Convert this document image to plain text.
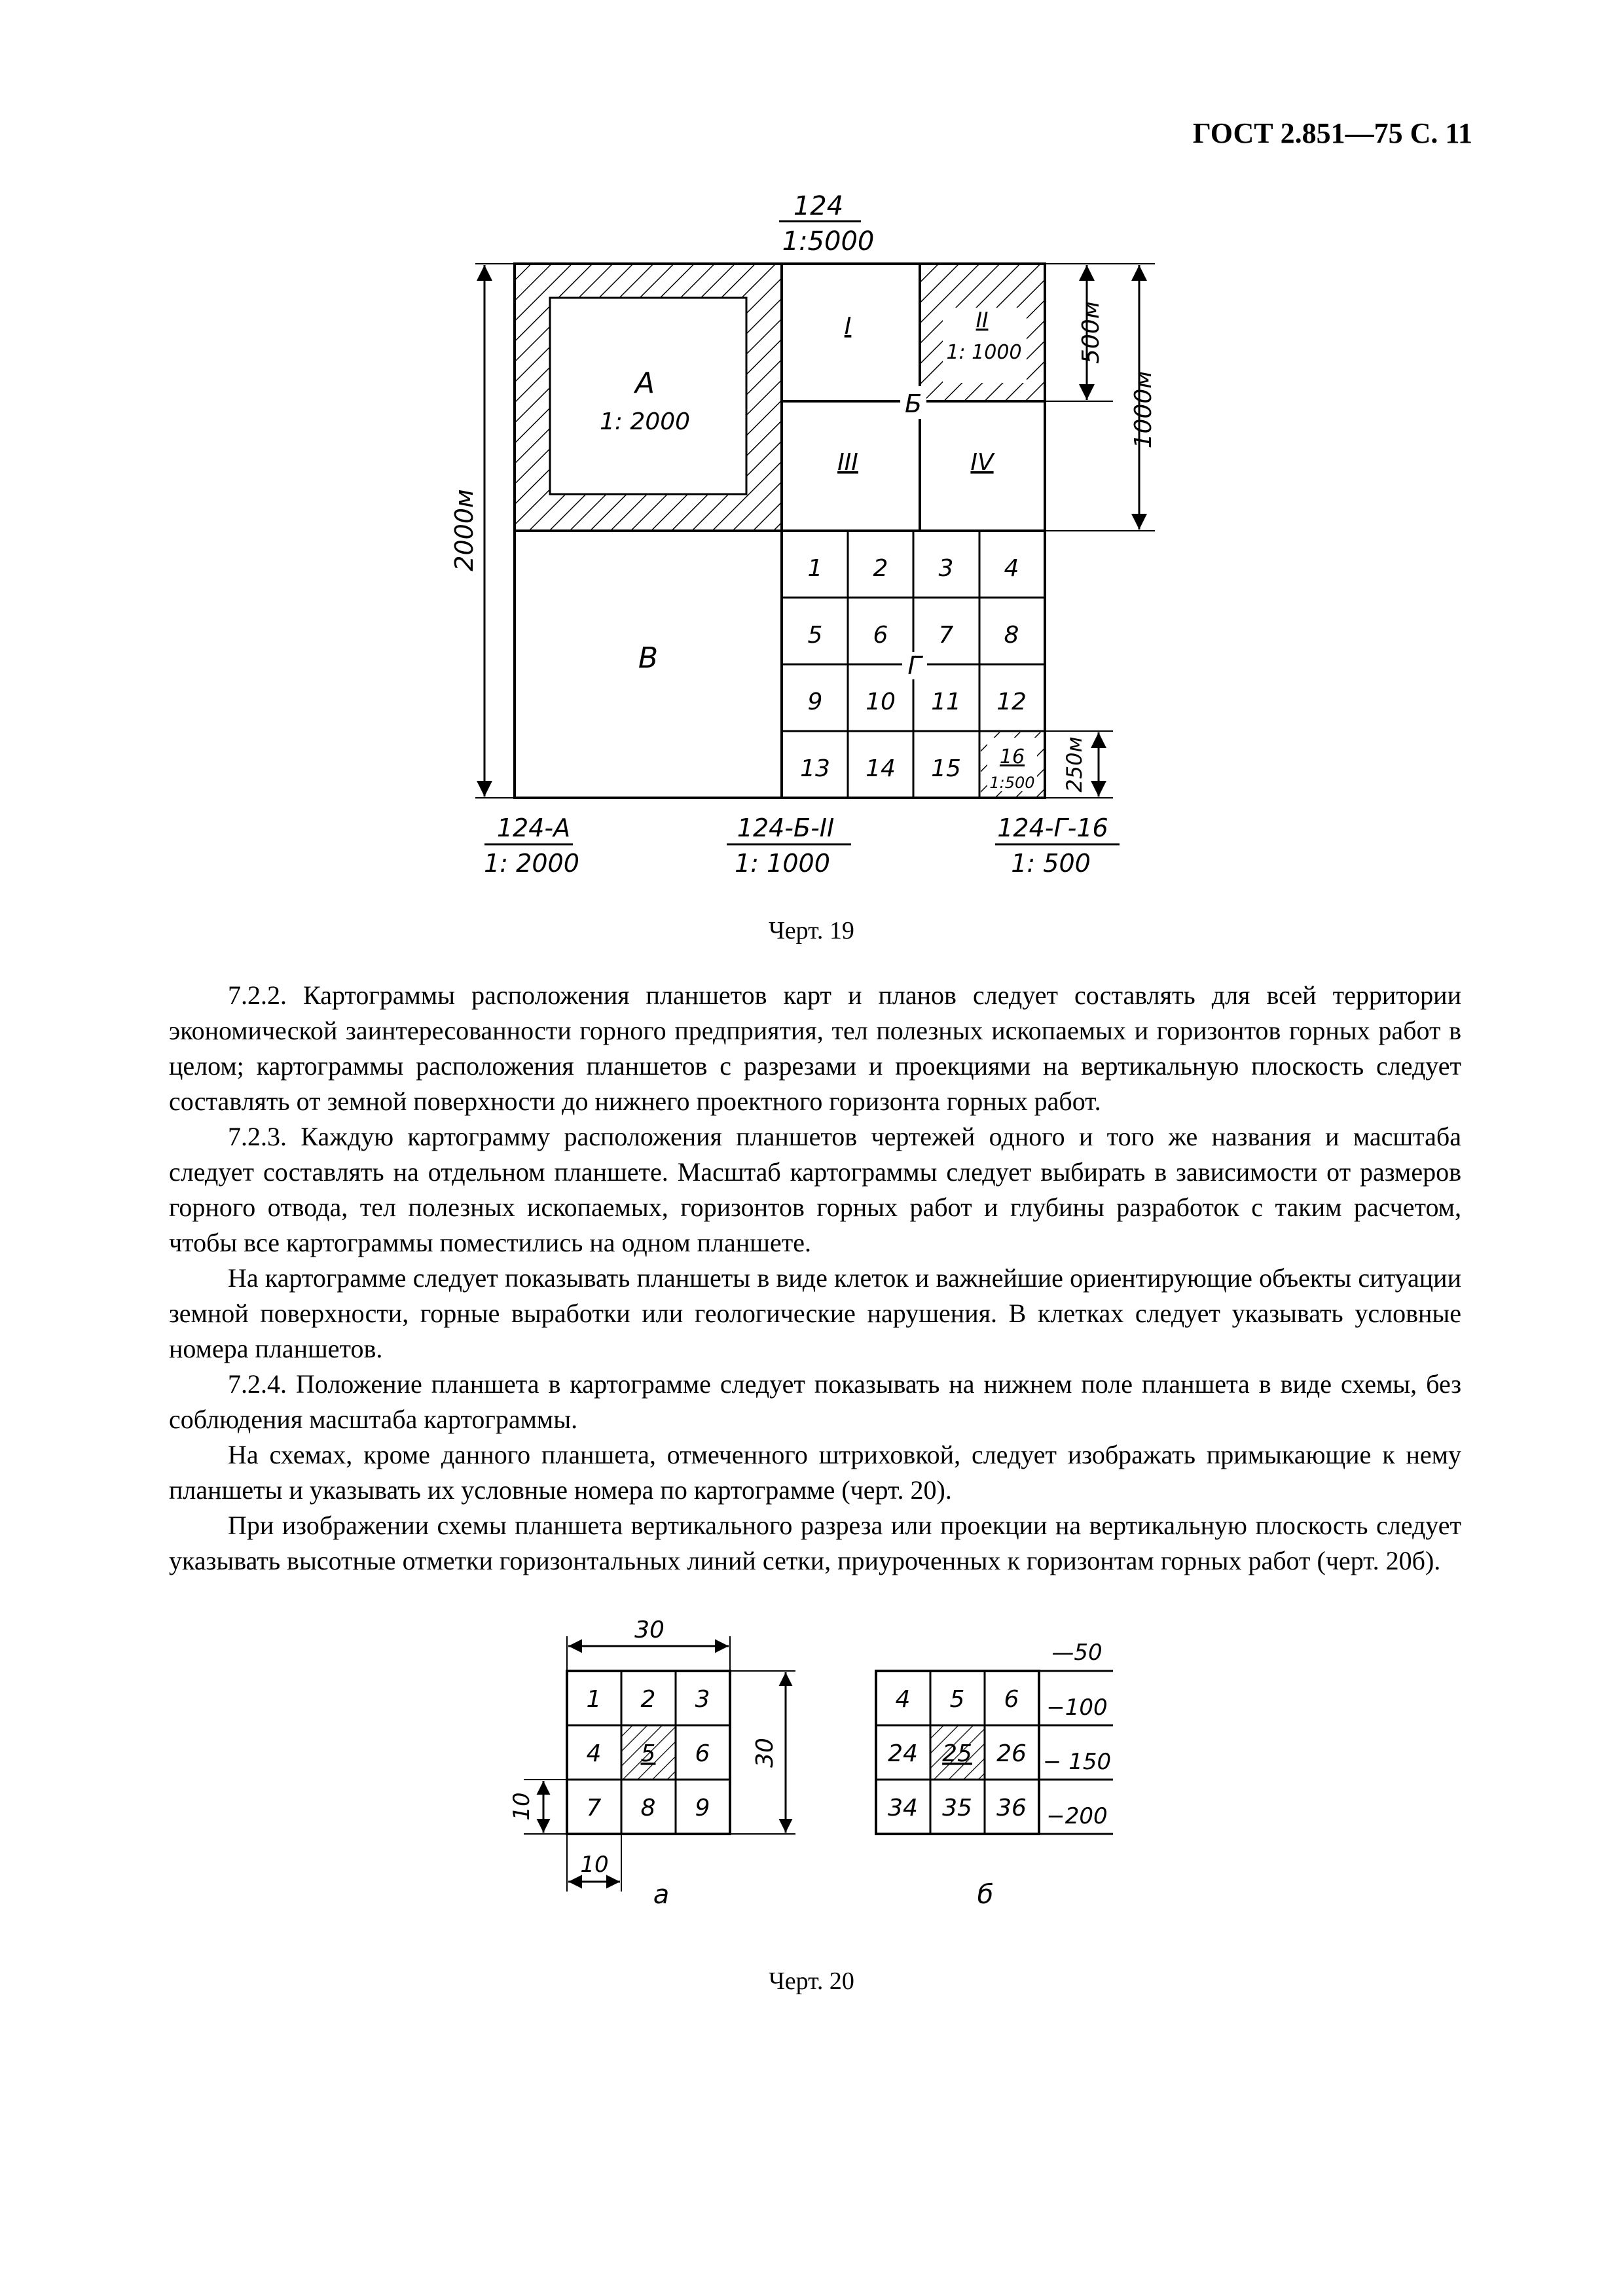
ГОСТ 2.851—75 С. 11
124
1:5000
А
1: 2000
I	II
1: 1000
III	IV
Б
В
1 2 3 4
5 6 7 8
9 10 11 12
13 14 15 16
1:500
Г
2000м
500м
1000м
250м
124-А
1: 2000
124-Б-II
1: 1000
124-Г-16
1: 500
Черт. 19

7.2.2. Картограммы расположения планшетов карт и планов следует составлять для всей территории экономической заинтересованности горного предприятия, тел полезных ископаемых и горизонтов горных работ в целом; картограммы расположения планшетов с разрезами и проекциями на вертикальную плоскость следует составлять от земной поверхности до нижнего проектного горизонта горных работ.

7.2.3. Каждую картограмму расположения планшетов чертежей одного и того же названия и масштаба следует составлять на отдельном планшете. Масштаб картограммы следует выбирать в зависимости от размеров горного отвода, тел полезных ископаемых, горизонтов горных работ и глубины разработок с таким расчетом, чтобы все картограммы поместились на одном планшете.

На картограмме следует показывать планшеты в виде клеток и важнейшие ориентирующие объекты ситуации земной поверхности, горные выработки или геологические нарушения. В клетках следует указывать условные номера планшетов.

7.2.4. Положение планшета в картограмме следует показывать на нижнем поле планшета в виде схемы, без соблюдения масштаба картограммы.

На схемах, кроме данного планшета, отмеченного штриховкой, следует изображать примыкающие к нему планшеты и указывать их условные номера по картограмме (черт. 20).

При изображении схемы планшета вертикального разреза или проекции на вертикальную плоскость следует указывать высотные отметки горизонтальных линий сетки, приуроченных к горизонтам горных работ (черт. 20б).

1 2 3
4 5 6
7 8 9
30
30
10
10
а
4 5 6
24 25 26
34 35 36
—50
−100
− 150
−200
б
Черт. 20
